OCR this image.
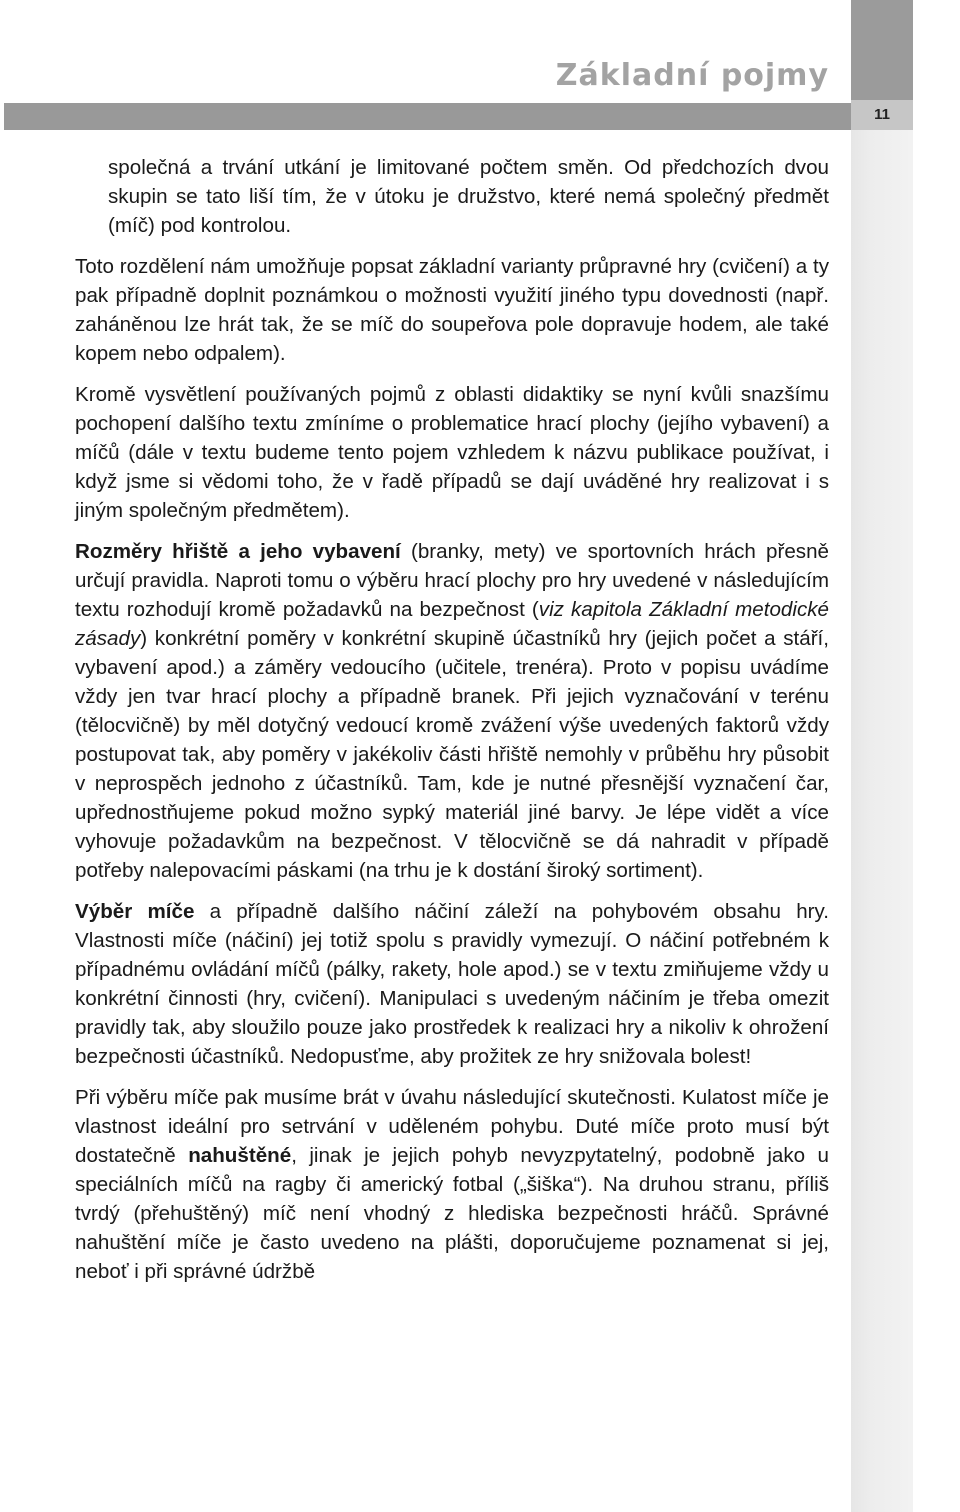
Základní pojmy
11

společná a trvání utkání je limitované počtem směn. Od předchozích dvou skupin se tato liší tím, že v útoku je družstvo, které nemá společný předmět (míč) pod kontrolou.

Toto rozdělení nám umožňuje popsat základní varianty průpravné hry (cvičení) a ty pak případně doplnit poznámkou o možnosti využití jiného typu dovednosti (např. zaháněnou lze hrát tak, že se míč do soupeřova pole dopravuje hodem, ale také kopem nebo odpalem).

Kromě vysvětlení používaných pojmů z oblasti didaktiky se nyní kvůli snazšímu pochopení dalšího textu zmíníme o problematice hrací plochy (jejího vybavení) a míčů (dále v textu budeme tento pojem vzhledem k názvu publikace používat, i když jsme si vědomi toho, že v řadě případů se dají uváděné hry realizovat i s jiným společným předmětem).

Rozměry hřiště a jeho vybavení (branky, mety) ve sportovních hrách přesně určují pravidla. Naproti tomu o výběru hrací plochy pro hry uvedené v následujícím textu rozhodují kromě požadavků na bezpečnost (viz kapitola Základní metodické zásady) konkrétní poměry v konkrétní skupině účastníků hry (jejich počet a stáří, vybavení apod.) a záměry vedoucího (učitele, trenéra). Proto v popisu uvádíme vždy jen tvar hrací plochy a případně branek. Při jejich vyznačování v terénu (tělocvičně) by měl dotyčný vedoucí kromě zvážení výše uvedených faktorů vždy postupovat tak, aby poměry v jakékoliv části hřiště nemohly v průběhu hry působit v neprospěch jednoho z účastníků. Tam, kde je nutné přesnější vyznačení čar, upřednostňujeme pokud možno sypký materiál jiné barvy. Je lépe vidět a více vyhovuje požadavkům na bezpečnost. V tělocvičně se dá nahradit v případě potřeby nalepovacími páskami (na trhu je k dostání široký sortiment).

Výběr míče a případně dalšího náčiní záleží na pohybovém obsahu hry. Vlastnosti míče (náčiní) jej totiž spolu s pravidly vymezují. O náčiní potřebném k případnému ovládání míčů (pálky, rakety, hole apod.) se v textu zmiňujeme vždy u konkrétní činnosti (hry, cvičení). Manipulaci s uvedeným náčiním je třeba omezit pravidly tak, aby sloužilo pouze jako prostředek k realizaci hry a nikoliv k ohrožení bezpečnosti účastníků. Nedopusťme, aby prožitek ze hry snižovala bolest!

Při výběru míče pak musíme brát v úvahu následující skutečnosti. Kulatost míče je vlastnost ideální pro setrvání v uděleném pohybu. Duté míče proto musí být dostatečně nahuštěné, jinak je jejich pohyb nevyzpytatelný, podobně jako u speciálních míčů na ragby či americký fotbal („šiška“). Na druhou stranu, příliš tvrdý (přehuštěný) míč není vhodný z hlediska bezpečnosti hráčů. Správné nahuštění míče je často uvedeno na plášti, doporučujeme poznamenat si jej, neboť i při správné údržbě
